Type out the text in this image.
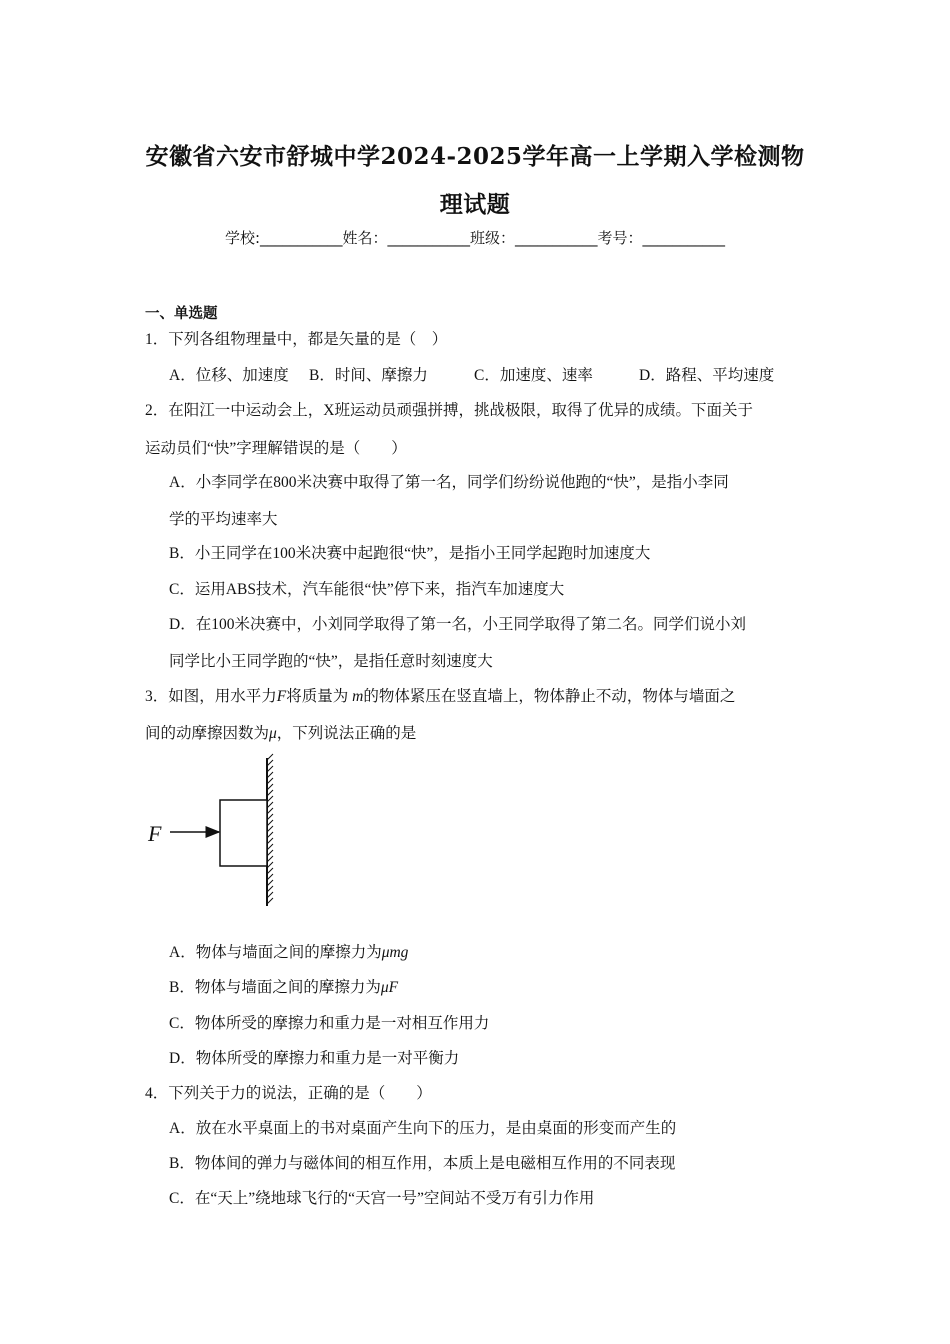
安徽省六安市舒城中学2024-2025学年高一上学期入学检测物
理试题
学校:___________姓名：___________班级：___________考号：___________
一、单选题
1．下列各组物理量中，都是矢量的是（　）
A．位移、加速度 B．时间、摩擦力	C．加速度、速率	D．路程、平均速度
2．在阳江一中运动会上，X班运动员顽强拼搏，挑战极限，取得了优异的成绩。下面关于
运动员们“快”字理解错误的是（　　）
A．小李同学在800米决赛中取得了第一名，同学们纷纷说他跑的“快”，是指小李同
学的平均速率大
B．小王同学在100米决赛中起跑很“快”，是指小王同学起跑时加速度大
C．运用ABS技术，汽车能很“快”停下来，指汽车加速度大
D．在100米决赛中，小刘同学取得了第一名，小王同学取得了第二名。同学们说小刘
同学比小王同学跑的“快”，是指任意时刻速度大
3．如图，用水平力F将质量为 m的物体紧压在竖直墙上，物体静止不动，物体与墙面之
间的动摩擦因数为μ，下列说法正确的是
F
A．物体与墙面之间的摩擦力为μmg
B．物体与墙面之间的摩擦力为μF
C．物体所受的摩擦力和重力是一对相互作用力
D．物体所受的摩擦力和重力是一对平衡力
4．下列关于力的说法，正确的是（　　）
A．放在水平桌面上的书对桌面产生向下的压力，是由桌面的形变而产生的
B．物体间的弹力与磁体间的相互作用，本质上是电磁相互作用的不同表现
C．在“天上”绕地球飞行的“天宫一号”空间站不受万有引力作用
